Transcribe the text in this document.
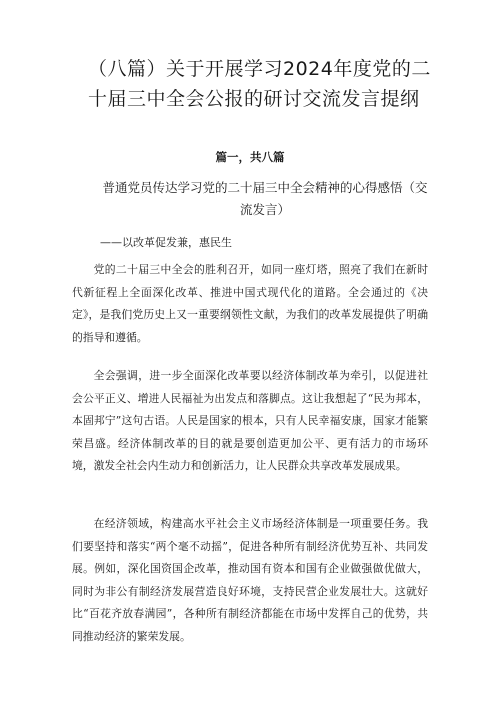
（八篇）关于开展学习2024年度党的二十届三中全会公报的研讨交流发言提纲
篇一，共八篇
普通党员传达学习党的二十届三中全会精神的心得感悟（交流发言）
——以改革促发兼，惠民生

党的二十届三中全会的胜利召开，如同一座灯塔，照亮了我们在新时代新征程上全面深化改革、推进中国式现代化的道路。全会通过的《决定》，是我们党历史上又一重要纲领性文献，为我们的改革发展提供了明确的指导和遵循。

全会强调，进一步全面深化改革要以经济体制改革为牵引，以促进社会公平正义、增进人民福祉为出发点和落脚点。这让我想起了“民为邦本，本固邦宁”这句古语。人民是国家的根本，只有人民幸福安康，国家才能繁荣昌盛。经济体制改革的目的就是要创造更加公平、更有活力的市场环境，激发全社会内生动力和创新活力，让人民群众共享改革发展成果。

在经济领域，构建高水平社会主义市场经济体制是一项重要任务。我们要坚持和落实“两个毫不动摇”，促进各种所有制经济优势互补、共同发展。例如，深化国资国企改革，推动国有资本和国有企业做强做优做大，同时为非公有制经济发展营造良好环境，支持民营企业发展壮大。这就好比“百花齐放春满园”，各种所有制经济都能在市场中发挥自己的优势，共同推动经济的繁荣发展。
